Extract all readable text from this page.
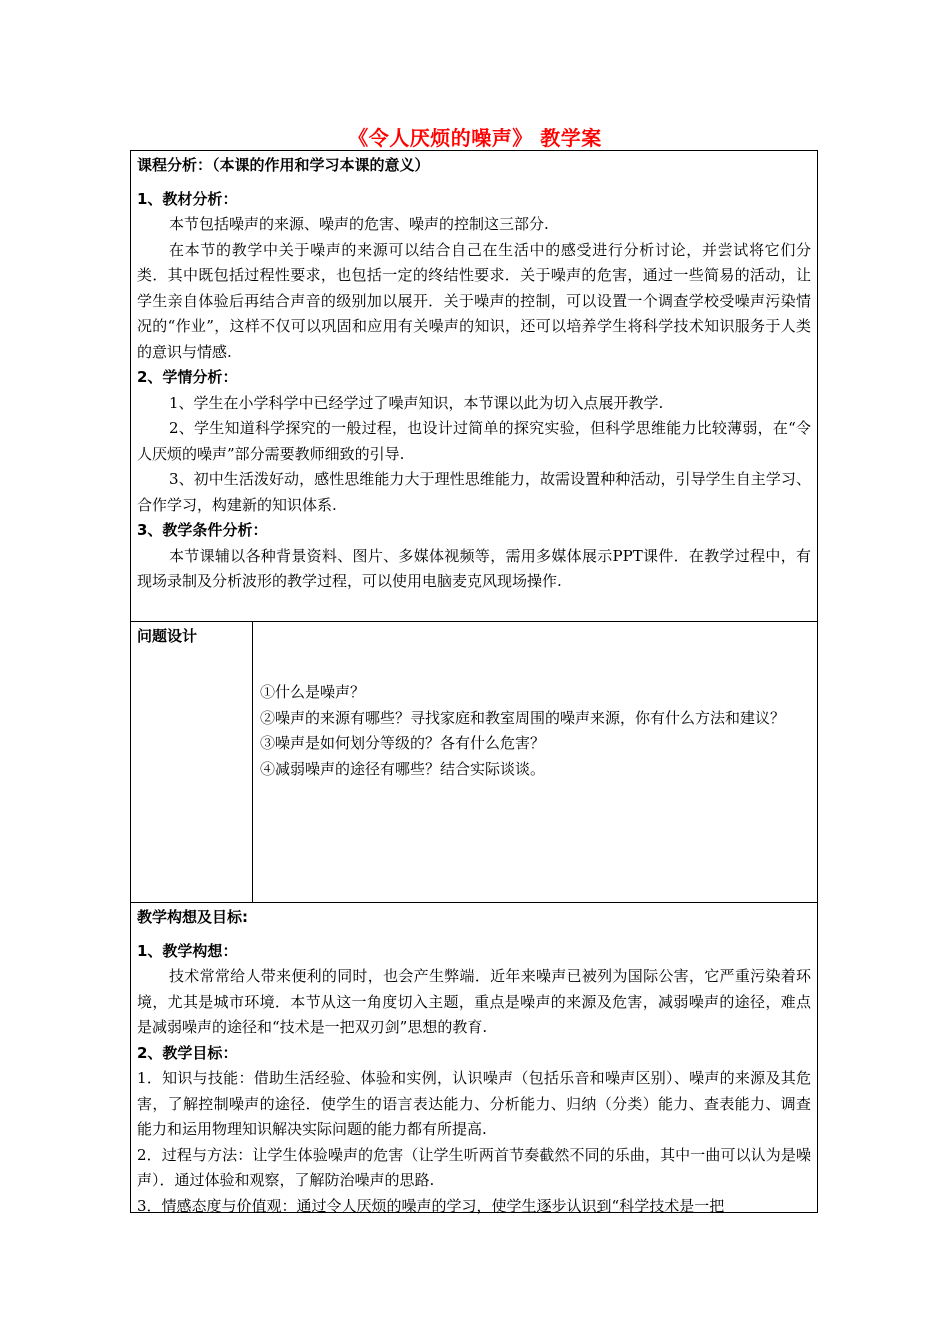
《令人厌烦的噪声》 教学案

课程分析：（本课的作用和学习本课的意义）

1、教材分析：

本节包括噪声的来源、噪声的危害、噪声的控制这三部分.

在本节的教学中关于噪声的来源可以结合自己在生活中的感受进行分析讨论，并尝试将它们分类．其中既包括过程性要求，也包括一定的终结性要求．关于噪声的危害，通过一些简易的活动，让学生亲自体验后再结合声音的级别加以展开．关于噪声的控制，可以设置一个调查学校受噪声污染情况的“作业”，这样不仅可以巩固和应用有关噪声的知识，还可以培养学生将科学技术知识服务于人类的意识与情感.

2、学情分析：

1、学生在小学科学中已经学过了噪声知识，本节课以此为切入点展开教学.

2、学生知道科学探究的一般过程，也设计过简单的探究实验，但科学思维能力比较薄弱，在“令人厌烦的噪声”部分需要教师细致的引导.

3、初中生活泼好动，感性思维能力大于理性思维能力，故需设置种种活动，引导学生自主学习、合作学习，构建新的知识体系.

3、教学条件分析：

本节课辅以各种背景资料、图片、多媒体视频等，需用多媒体展示PPT课件．在教学过程中，有现场录制及分析波形的教学过程，可以使用电脑麦克风现场操作.

问题设计

①什么是噪声？

②噪声的来源有哪些？寻找家庭和教室周围的噪声来源，你有什么方法和建议？

③噪声是如何划分等级的？各有什么危害？

④减弱噪声的途径有哪些？结合实际谈谈。

教学构想及目标:

1、教学构想：

技术常常给人带来便利的同时，也会产生弊端．近年来噪声已被列为国际公害，它严重污染着环境，尤其是城市环境．本节从这一角度切入主题，重点是噪声的来源及危害，减弱噪声的途径，难点是减弱噪声的途径和“技术是一把双刃剑”思想的教育.

2、教学目标：

1．知识与技能：借助生活经验、体验和实例，认识噪声（包括乐音和噪声区别）、噪声的来源及其危害，了解控制噪声的途径．使学生的语言表达能力、分析能力、归纳（分类）能力、查表能力、调查能力和运用物理知识解决实际问题的能力都有所提高.

2．过程与方法：让学生体验噪声的危害（让学生听两首节奏截然不同的乐曲，其中一曲可以认为是噪声）．通过体验和观察，了解防治噪声的思路.

3．情感态度与价值观：通过令人厌烦的噪声的学习，使学生逐步认识到“科学技术是一把
